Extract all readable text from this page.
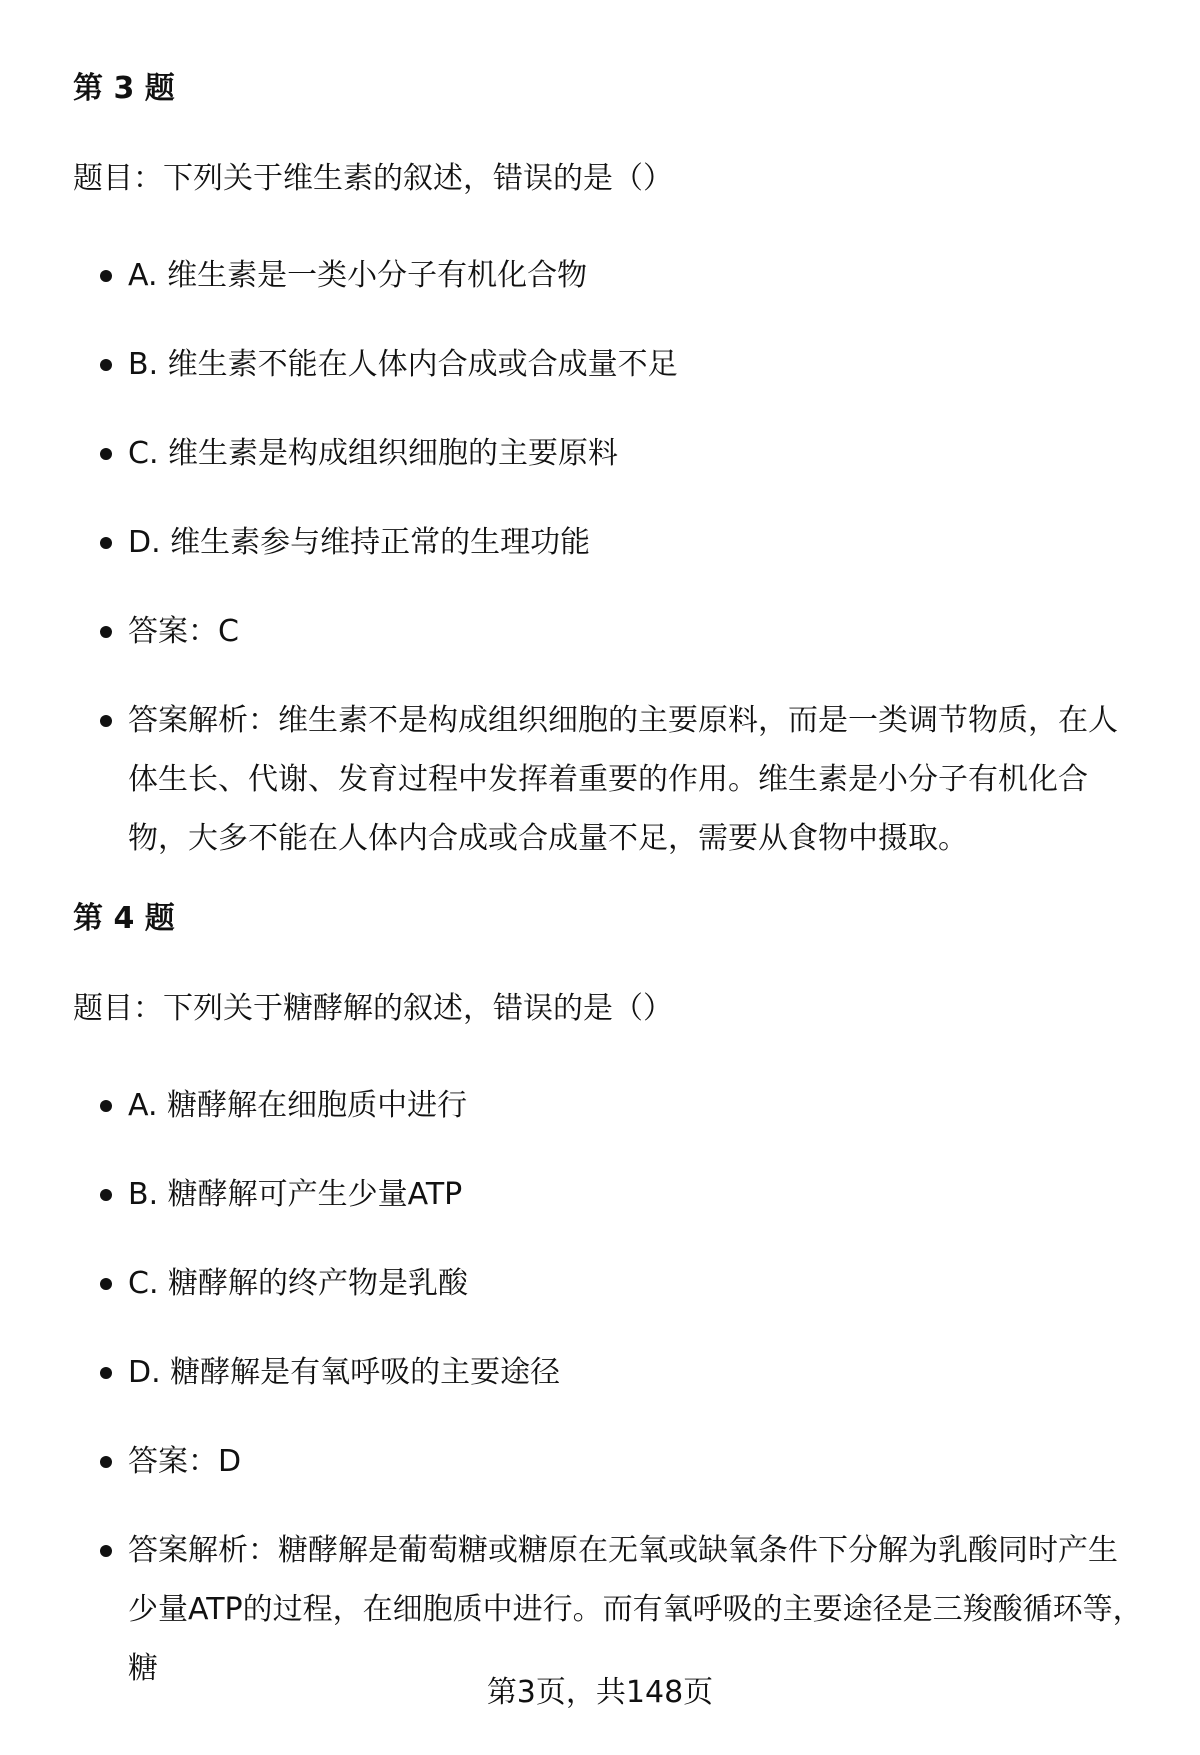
第 3 题
题目：下列关于维生素的叙述，错误的是（）
A. 维生素是一类小分子有机化合物
B. 维生素不能在人体内合成或合成量不足
C. 维生素是构成组织细胞的主要原料
D. 维生素参与维持正常的生理功能
答案：C
答案解析：维生素不是构成组织细胞的主要原料，而是一类调节物质，在人体生长、代谢、发育过程中发挥着重要的作用。维生素是小分子有机化合物，大多不能在人体内合成或合成量不足，需要从食物中摄取。
第 4 题
题目：下列关于糖酵解的叙述，错误的是（）
A. 糖酵解在细胞质中进行
B. 糖酵解可产生少量ATP
C. 糖酵解的终产物是乳酸
D. 糖酵解是有氧呼吸的主要途径
答案：D
答案解析：糖酵解是葡萄糖或糖原在无氧或缺氧条件下分解为乳酸同时产生少量ATP的过程，在细胞质中进行。而有氧呼吸的主要途径是三羧酸循环等，糖
第3页，共148页
